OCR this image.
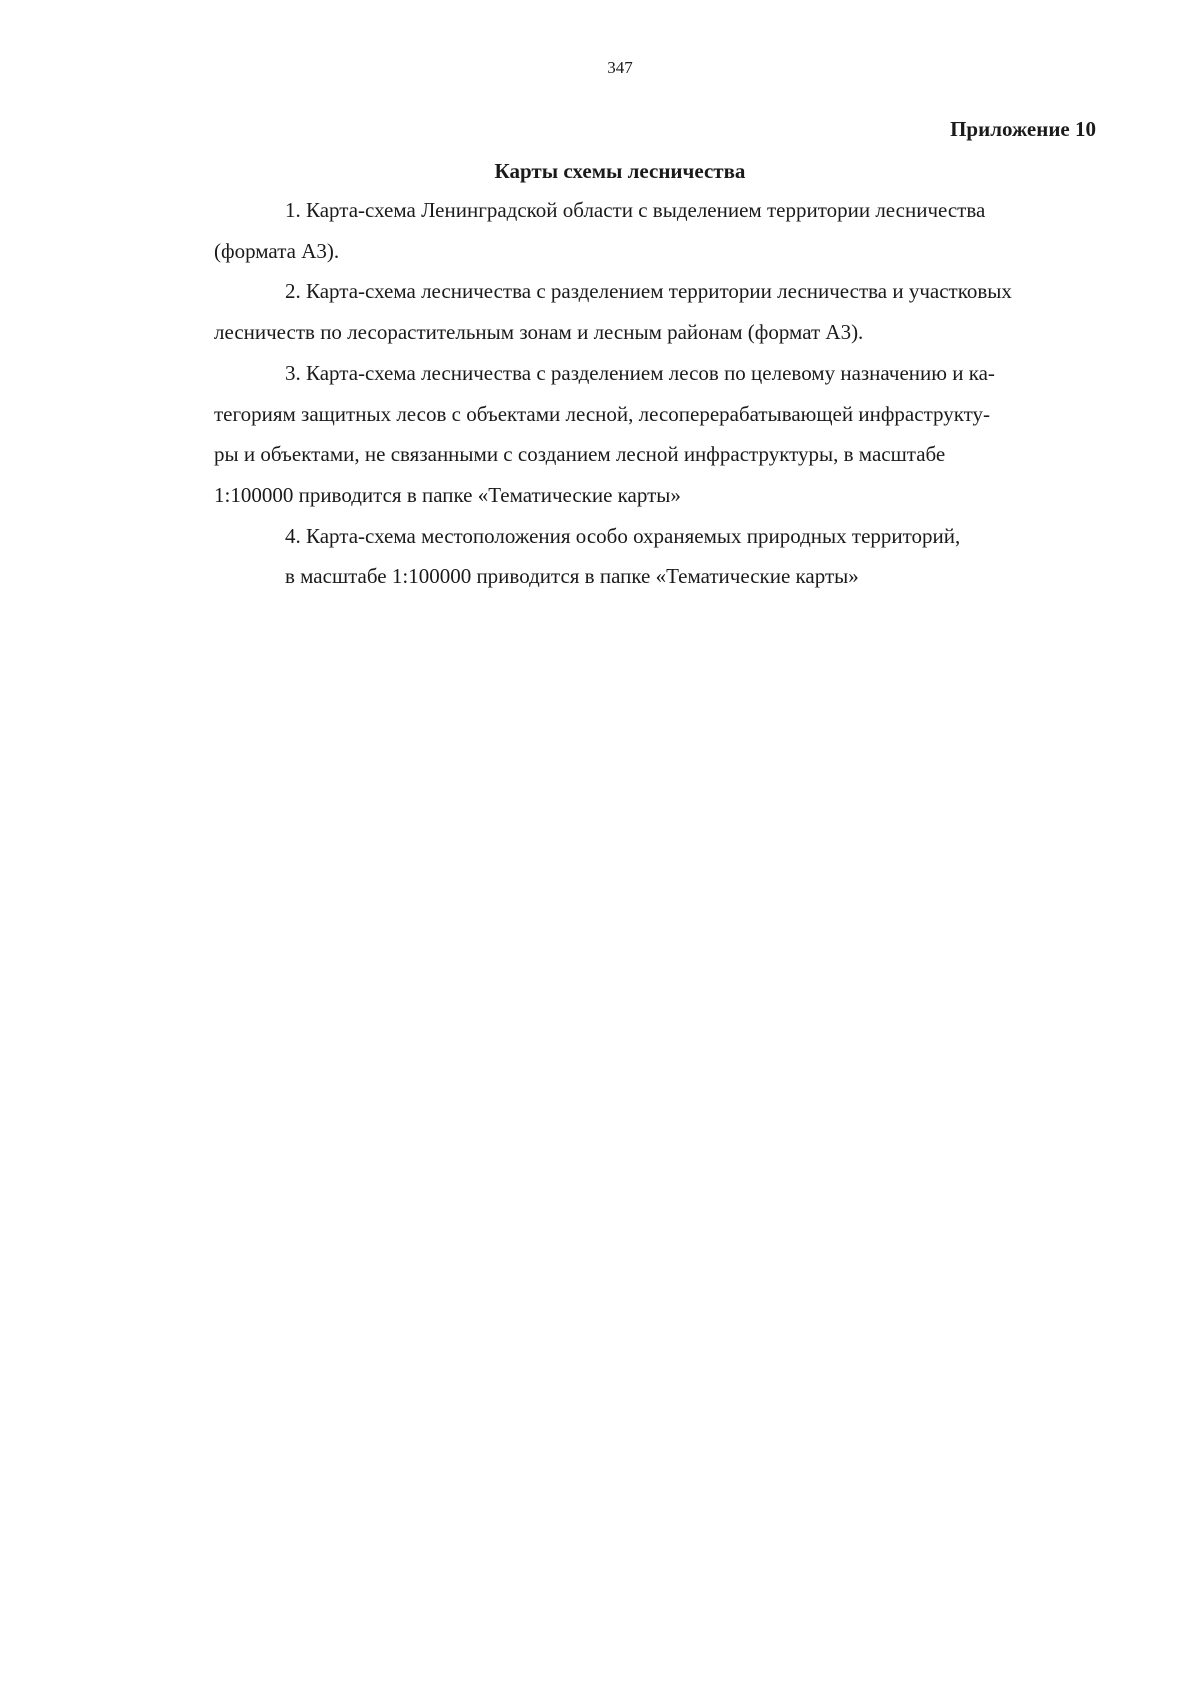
347
Приложение 10
Карты схемы лесничества
1. Карта-схема Ленинградской области с выделением территории лесничества
(формата А3).
2. Карта-схема лесничества с разделением территории лесничества и участковых
лесничеств по лесорастительным зонам и лесным районам (формат А3).
3. Карта-схема лесничества с разделением лесов по целевому назначению и ка-
тегориям защитных лесов с объектами лесной, лесоперерабатывающей инфраструкту-
ры и объектами, не связанными с созданием лесной инфраструктуры, в масштабе
1:100000 приводится в папке «Тематические карты»
4. Карта-схема местоположения особо охраняемых природных территорий,
в масштабе 1:100000 приводится в папке «Тематические карты»
